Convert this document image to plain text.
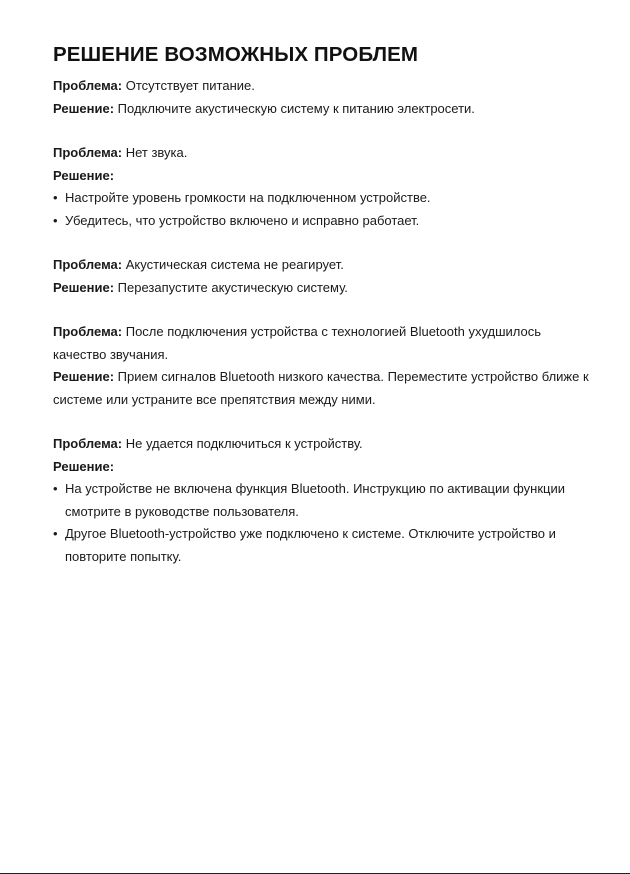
РЕШЕНИЕ ВОЗМОЖНЫХ ПРОБЛЕМ

Проблема: Отсутствует питание.

Решение: Подключите акустическую систему к питанию электросети.

Проблема: Нет звука.

Решение:

• Настройте уровень громкости на подключенном устройстве.
• Убедитесь, что устройство включено и исправно работает.

Проблема: Акустическая система не реагирует.

Решение: Перезапустите акустическую систему.

Проблема: После подключения устройства с технологией Bluetooth ухудшилось качество звучания.

Решение: Прием сигналов Bluetooth низкого качества. Переместите устройство ближе к системе или устраните все препятствия между ними.

Проблема: Не удается подключиться к устройству.

Решение:

• На устройстве не включена функция Bluetooth. Инструкцию по активации функции смотрите в руководстве пользователя.
• Другое Bluetooth-устройство уже подключено к системе. Отключите устройство и повторите попытку.
